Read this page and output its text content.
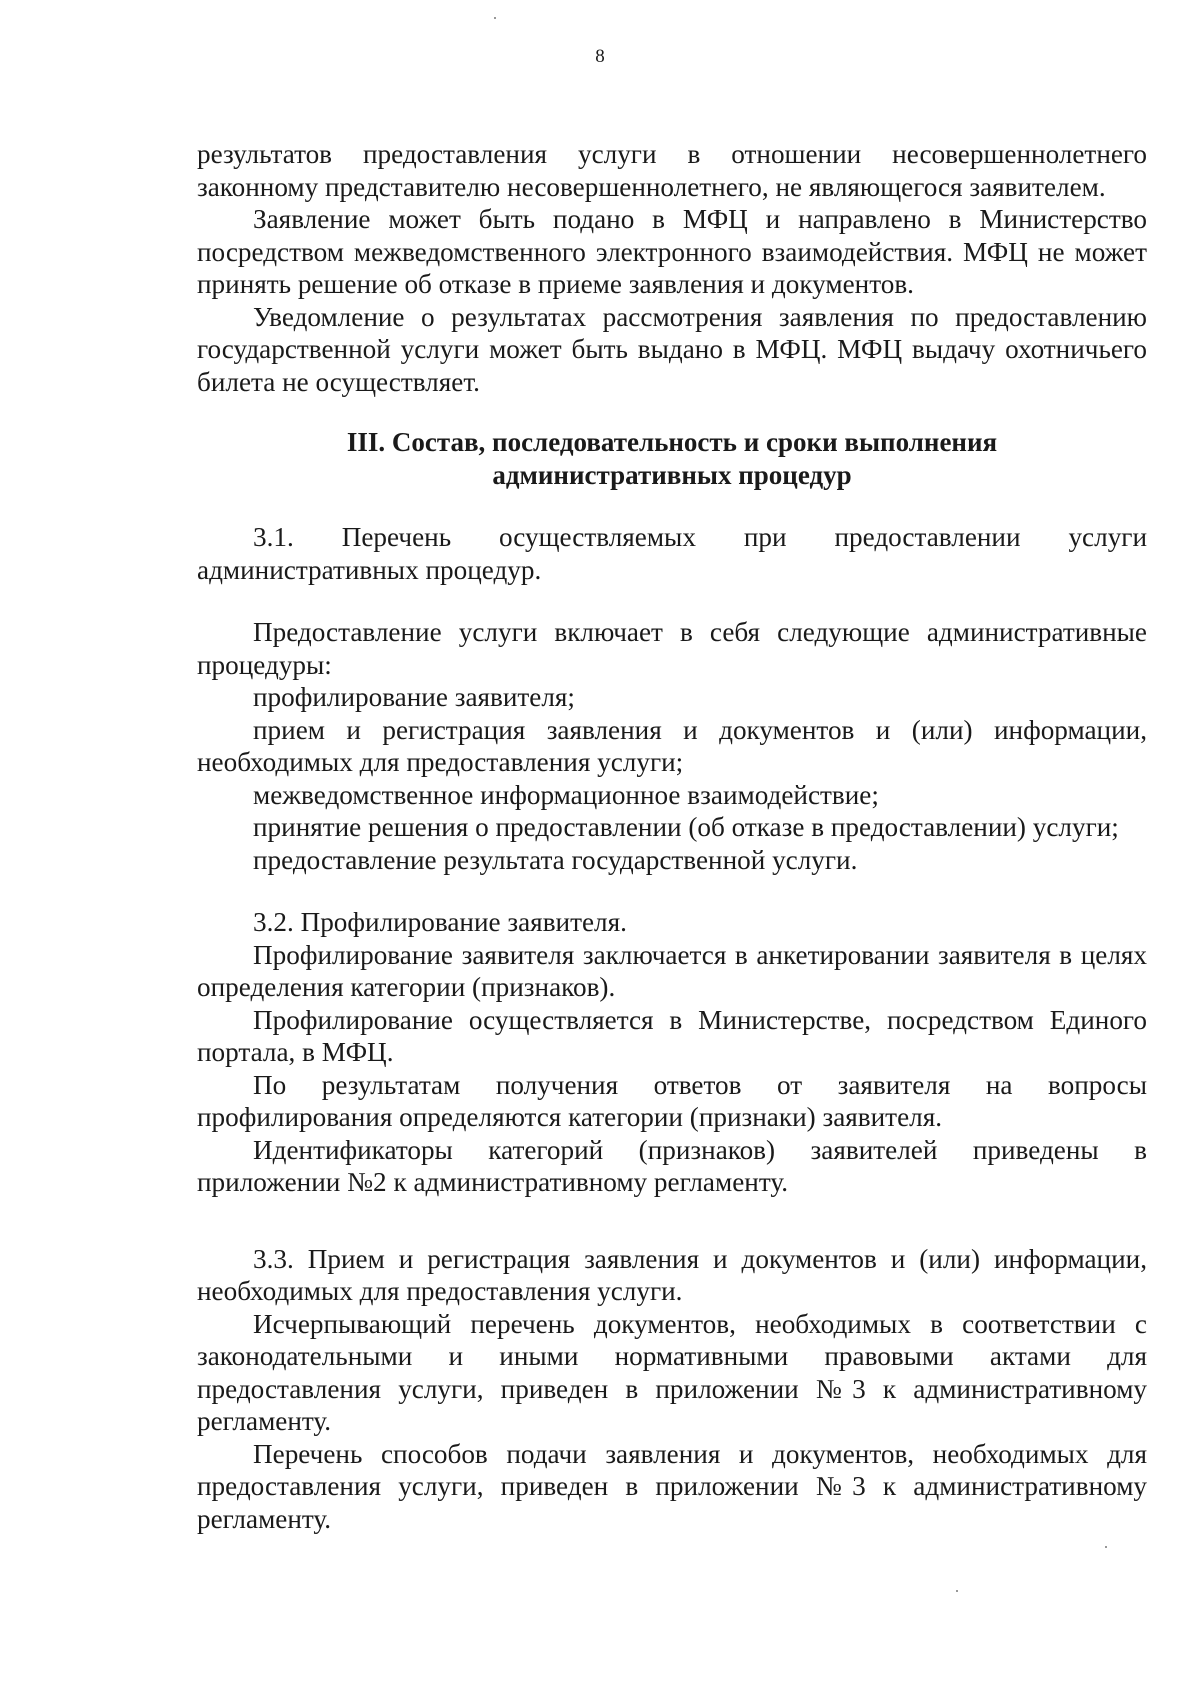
8

результатов предоставления услуги в отношении несовершеннолетнего законному представителю несовершеннолетнего, не являющегося заявителем.

Заявление может быть подано в МФЦ и направлено в Министерство посредством межведомственного электронного взаимодействия. МФЦ не может принять решение об отказе в приеме заявления и документов.

Уведомление о результатах рассмотрения заявления по предоставлению государственной услуги может быть выдано в МФЦ. МФЦ выдачу охотничьего билета не осуществляет.

III. Состав, последовательность и сроки выполнения
административных процедур

3.1. Перечень осуществляемых при предоставлении услуги административных процедур.

Предоставление услуги включает в себя следующие административные процедуры:

профилирование заявителя;

прием и регистрация заявления и документов и (или) информации, необходимых для предоставления услуги;

межведомственное информационное взаимодействие;

принятие решения о предоставлении (об отказе в предоставлении) услуги;

предоставление результата государственной услуги.

3.2. Профилирование заявителя.

Профилирование заявителя заключается в анкетировании заявителя в целях определения категории (признаков).

Профилирование осуществляется в Министерстве, посредством Единого портала, в МФЦ.

По результатам получения ответов от заявителя на вопросы профилирования определяются категории (признаки) заявителя.

Идентификаторы категорий (признаков) заявителей приведены в приложении №2 к административному регламенту.

3.3. Прием и регистрация заявления и документов и (или) информации, необходимых для предоставления услуги.

Исчерпывающий перечень документов, необходимых в соответствии с законодательными и иными нормативными правовыми актами для предоставления услуги, приведен в приложении №3 к административному регламенту.

Перечень способов подачи заявления и документов, необходимых для предоставления услуги, приведен в приложении №3 к административному регламенту.
